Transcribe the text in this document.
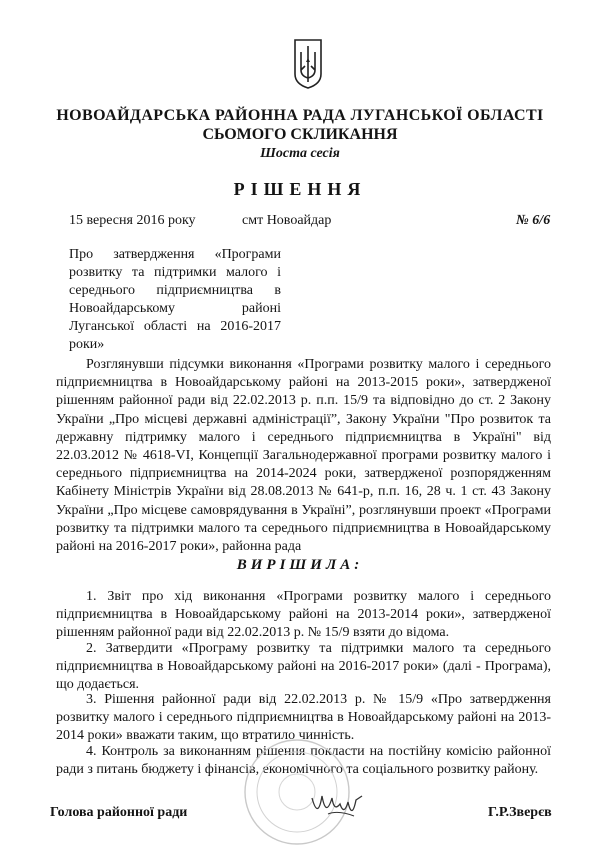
НОВОАЙДАРСЬКА РАЙОННА РАДА ЛУГАНСЬКОЇ ОБЛАСТІ
СЬОМОГО СКЛИКАННЯ
Шоста сесія
РІШЕННЯ
15 вересня 2016 року	смт Новоайдар	№ 6/6
Про затвердження «Програми розвитку та підтримки малого і середнього підприємництва в Новоайдарському районі Луганської області на 2016-2017 роки»

Розглянувши підсумки виконання «Програми розвитку малого і середнього підприємництва в Новоайдарському районі на 2013-2015 роки», затвердженої рішенням районної ради від 22.02.2013 р. п.п. 15/9 та відповідно до ст. 2 Закону України „Про місцеві державні адміністрації”, Закону України "Про розвиток та державну підтримку малого і середнього підприємництва в Україні" від 22.03.2012 № 4618-VI, Концепції Загальнодержавної програми розвитку малого і середнього підприємництва на 2014-2024 роки, затвердженої розпорядженням Кабінету Міністрів України від 28.08.2013 № 641-р, п.п. 16, 28 ч. 1 ст. 43 Закону України „Про місцеве самоврядування в Україні”, розглянувши проект «Програми розвитку та підтримки малого та середнього підприємництва в Новоайдарському районі на 2016-2017 роки», районна рада

ВИРІШИЛА:

1. Звіт про хід виконання «Програми розвитку малого і середнього підприємництва в Новоайдарському районі на 2013-2014 роки», затвердженої рішенням районної ради від 22.02.2013 р. № 15/9 взяти до відома.

2. Затвердити «Програму розвитку та підтримки малого та середнього підприємництва в Новоайдарському районі на 2016-2017 роки» (далі - Програма), що додається.

3. Рішення районної ради від 22.02.2013 р. № 15/9 «Про затвердження розвитку малого і середнього підприємництва в Новоайдарському районі на 2013-2014 роки» вважати таким, що втратило чинність.

4. Контроль за виконанням рішення покласти на постійну комісію районної ради з питань бюджету і фінансів, економічного та соціального розвитку району.

Голова районної ради	Г.Р.Зверєв
